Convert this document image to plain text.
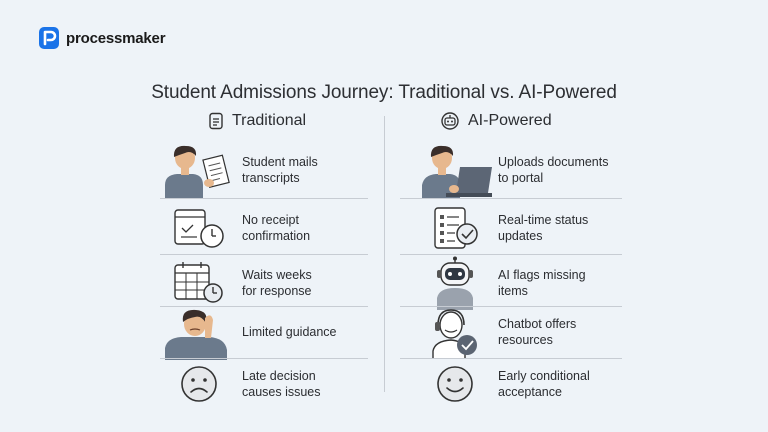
processmaker
Student Admissions Journey: Traditional vs. AI-Powered
Traditional	AI-Powered
Student mails
transcripts
No receipt
confirmation
Waits weeks
for response
Limited guidance
Late decision
causes issues
Uploads documents
to portal
Real-time status
updates
AI flags missing
items
Chatbot offers
resources
Early conditional
acceptance
